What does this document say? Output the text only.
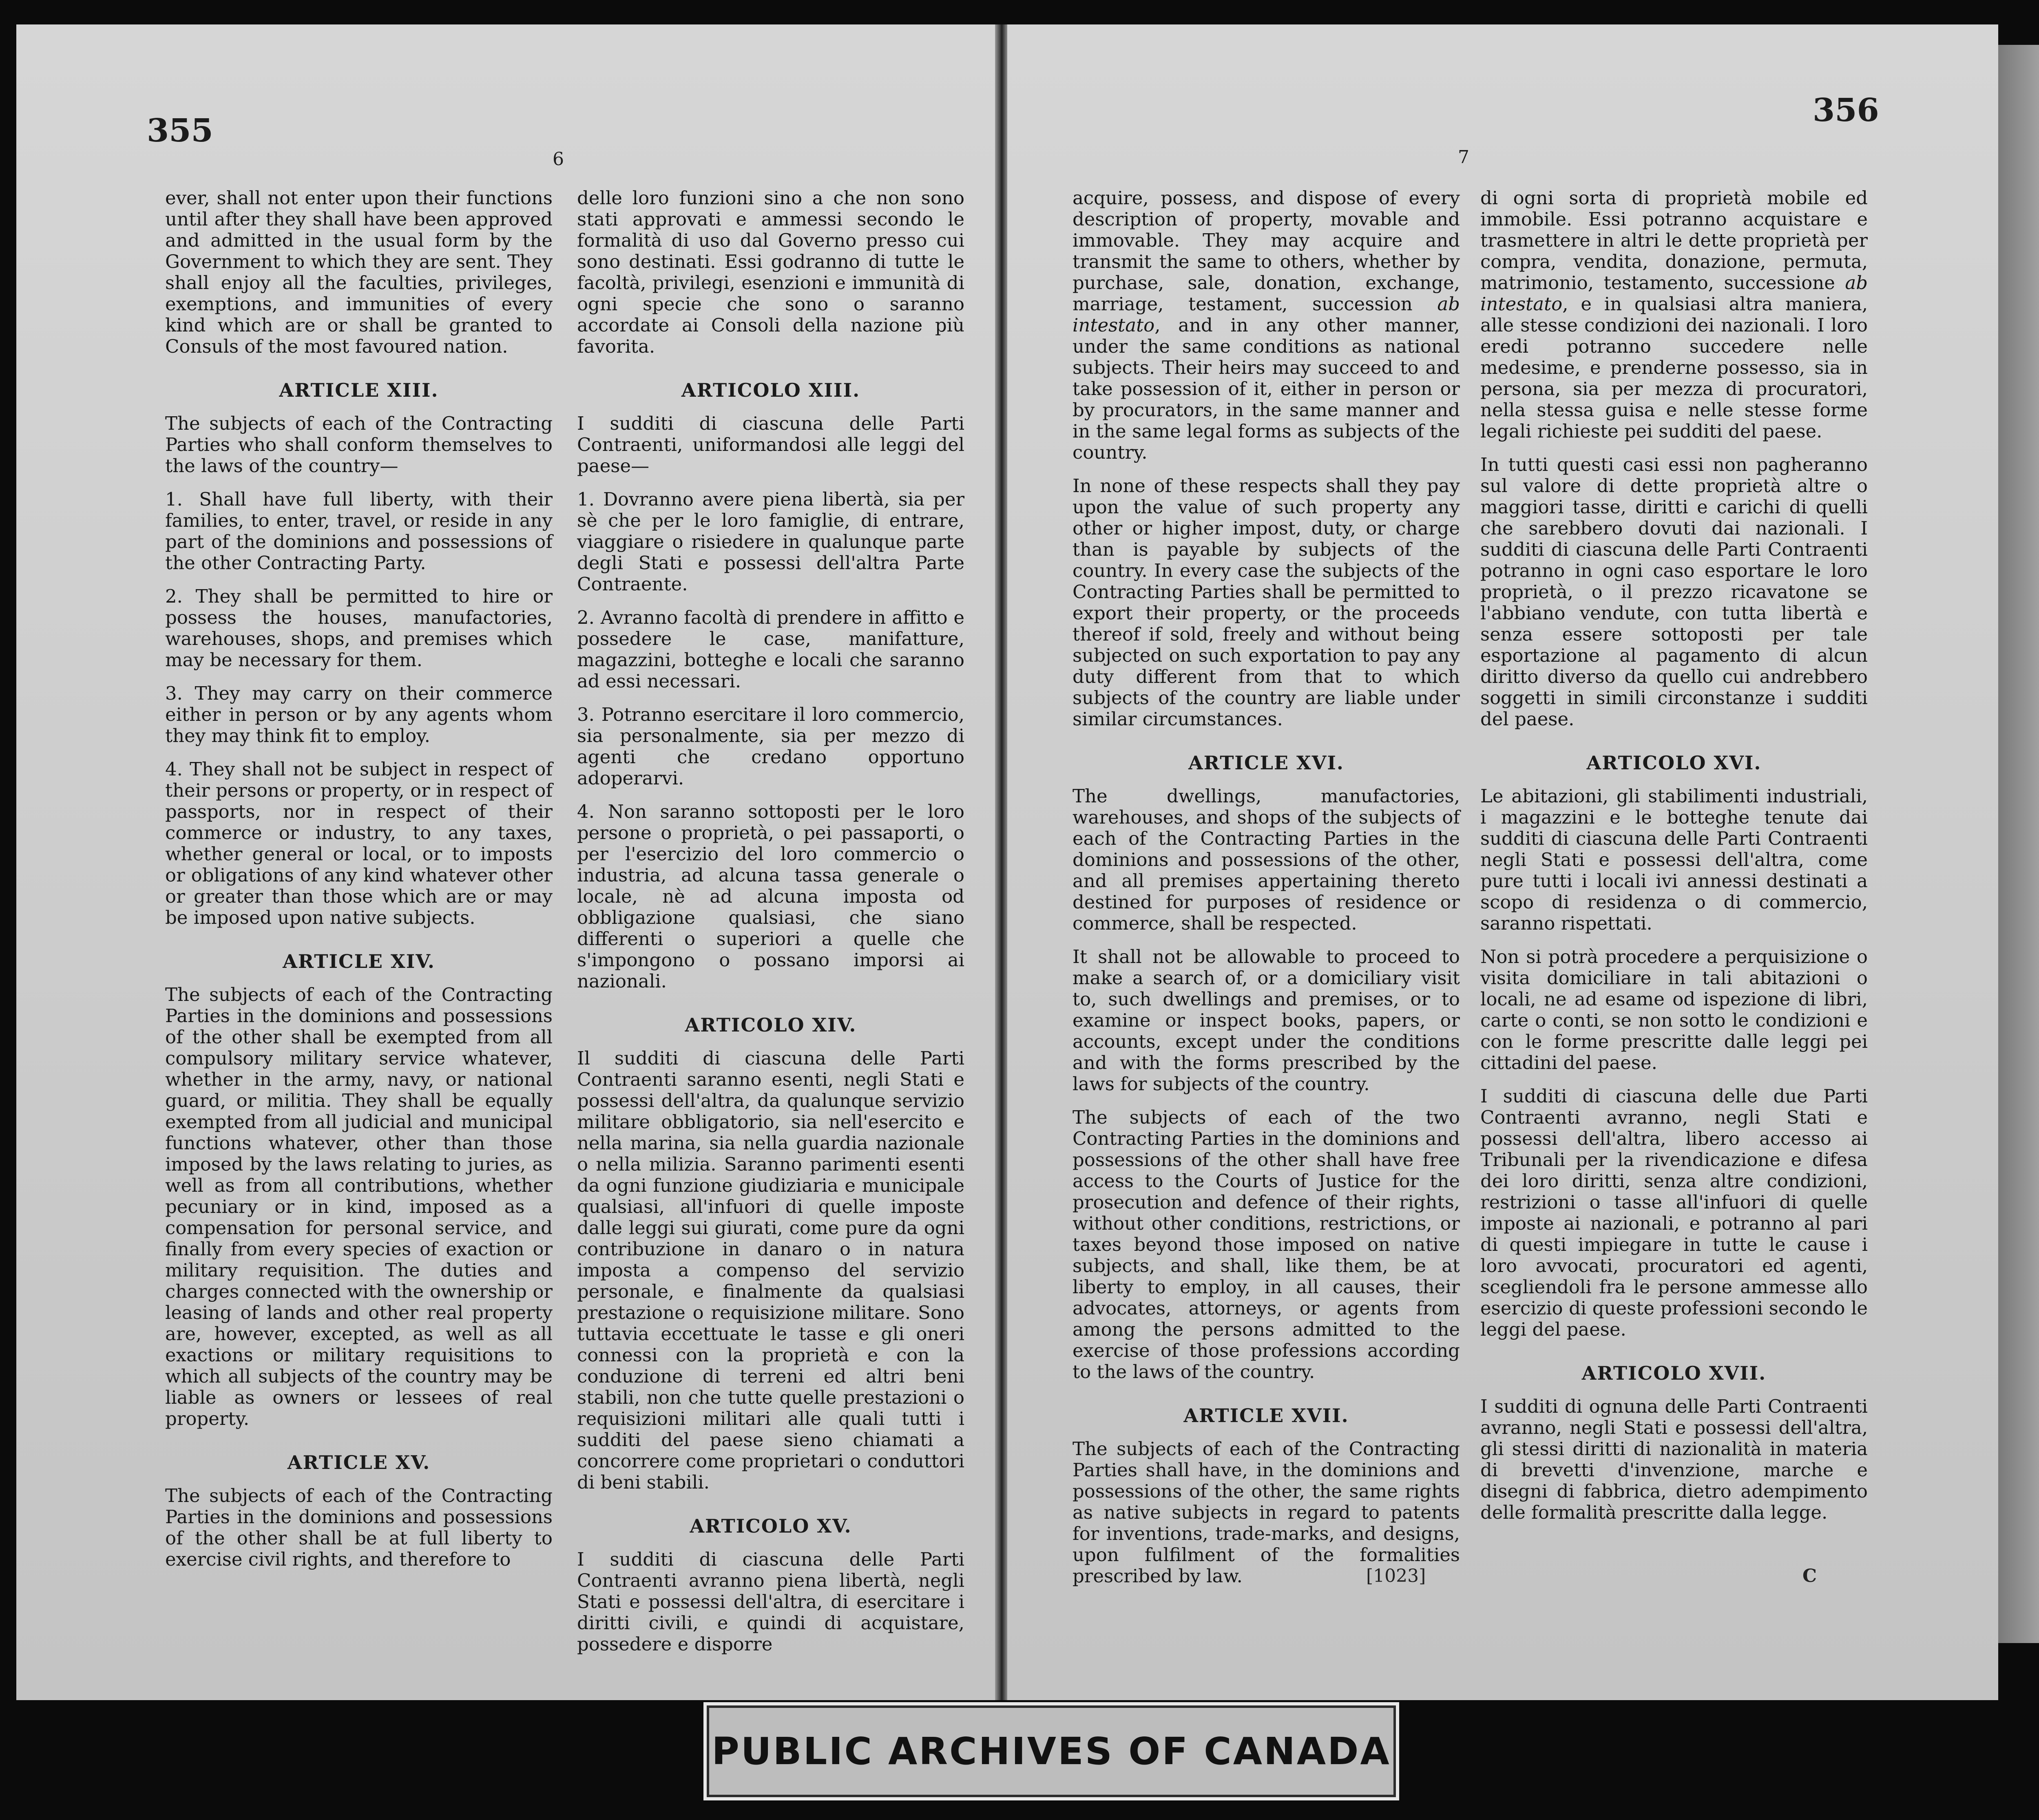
355
6

ever, shall not enter upon their functions until after they shall have been approved and admitted in the usual form by the Government to which they are sent. They shall enjoy all the faculties, privileges, exemptions, and immunities of every kind which are or shall be granted to Consuls of the most favoured nation.

ARTICLE XIII.

The subjects of each of the Contracting Parties who shall conform themselves to the laws of the country—

1. Shall have full liberty, with their families, to enter, travel, or reside in any part of the dominions and possessions of the other Contracting Party.

2. They shall be permitted to hire or possess the houses, manufactories, warehouses, shops, and premises which may be necessary for them.

3. They may carry on their commerce either in person or by any agents whom they may think fit to employ.

4. They shall not be subject in respect of their persons or property, or in respect of passports, nor in respect of their commerce or industry, to any taxes, whether general or local, or to imposts or obligations of any kind whatever other or greater than those which are or may be imposed upon native subjects.

ARTICLE XIV.

The subjects of each of the Contracting Parties in the dominions and possessions of the other shall be exempted from all compulsory military service whatever, whether in the army, navy, or national guard, or militia. They shall be equally exempted from all judicial and municipal functions whatever, other than those imposed by the laws relating to juries, as well as from all contributions, whether pecuniary or in kind, imposed as a compensation for personal service, and finally from every species of exaction or military requisition. The duties and charges connected with the ownership or leasing of lands and other real property are, however, excepted, as well as all exactions or military requisitions to which all subjects of the country may be liable as owners or lessees of real property.

ARTICLE XV.

The subjects of each of the Contracting Parties in the dominions and possessions of the other shall be at full liberty to exercise civil rights, and therefore to

delle loro funzioni sino a che non sono stati approvati e ammessi secondo le formalità di uso dal Governo presso cui sono destinati. Essi godranno di tutte le facoltà, privilegi, esenzioni e immunità di ogni specie che sono o saranno accordate ai Consoli della nazione più favorita.

ARTICOLO XIII.

I sudditi di ciascuna delle Parti Contraenti, uniformandosi alle leggi del paese—

1. Dovranno avere piena libertà, sia per sè che per le loro famiglie, di entrare, viaggiare o risiedere in qualunque parte degli Stati e possessi dell'altra Parte Contraente.

2. Avranno facoltà di prendere in affitto e possedere le case, manifatture, magazzini, botteghe e locali che saranno ad essi necessari.

3. Potranno esercitare il loro commercio, sia personalmente, sia per mezzo di agenti che credano opportuno adoperarvi.

4. Non saranno sottoposti per le loro persone o proprietà, o pei passaporti, o per l'esercizio del loro commercio o industria, ad alcuna tassa generale o locale, nè ad alcuna imposta od obbligazione qualsiasi, che siano differenti o superiori a quelle che s'impongono o possano imporsi ai nazionali.

ARTICOLO XIV.

Il sudditi di ciascuna delle Parti Contraenti saranno esenti, negli Stati e possessi dell'altra, da qualunque servizio militare obbligatorio, sia nell'esercito e nella marina, sia nella guardia nazionale o nella milizia. Saranno parimenti esenti da ogni funzione giudiziaria e municipale qualsiasi, all'infuori di quelle imposte dalle leggi sui giurati, come pure da ogni contribuzione in danaro o in natura imposta a compenso del servizio personale, e finalmente da qualsiasi prestazione o requisizione militare. Sono tuttavia eccettuate le tasse e gli oneri connessi con la proprietà e con la conduzione di terreni ed altri beni stabili, non che tutte quelle prestazioni o requisizioni militari alle quali tutti i sudditi del paese sieno chiamati a concorrere come proprietari o conduttori di beni stabili.

ARTICOLO XV.

I sudditi di ciascuna delle Parti Contraenti avranno piena libertà, negli Stati e possessi dell'altra, di esercitare i diritti civili, e quindi di acquistare, possedere e disporre

356
7

acquire, possess, and dispose of every description of property, movable and immovable. They may acquire and transmit the same to others, whether by purchase, sale, donation, exchange, marriage, testament, succession ab intestato, and in any other manner, under the same conditions as national subjects. Their heirs may succeed to and take possession of it, either in person or by procurators, in the same manner and in the same legal forms as subjects of the country.

In none of these respects shall they pay upon the value of such property any other or higher impost, duty, or charge than is payable by subjects of the country. In every case the subjects of the Contracting Parties shall be permitted to export their property, or the proceeds thereof if sold, freely and without being subjected on such exportation to pay any duty different from that to which subjects of the country are liable under similar circumstances.

ARTICLE XVI.

The dwellings, manufactories, warehouses, and shops of the subjects of each of the Contracting Parties in the dominions and possessions of the other, and all premises appertaining thereto destined for purposes of residence or commerce, shall be respected.

It shall not be allowable to proceed to make a search of, or a domiciliary visit to, such dwellings and premises, or to examine or inspect books, papers, or accounts, except under the conditions and with the forms prescribed by the laws for subjects of the country.

The subjects of each of the two Contracting Parties in the dominions and possessions of the other shall have free access to the Courts of Justice for the prosecution and defence of their rights, without other conditions, restrictions, or taxes beyond those imposed on native subjects, and shall, like them, be at liberty to employ, in all causes, their advocates, attorneys, or agents from among the persons admitted to the exercise of those professions according to the laws of the country.

ARTICLE XVII.

The subjects of each of the Contracting Parties shall have, in the dominions and possessions of the other, the same rights as native subjects in regard to patents for inventions, trade-marks, and designs, upon fulfilment of the formalities prescribed by law.

di ogni sorta di proprietà mobile ed immobile. Essi potranno acquistare e trasmettere in altri le dette proprietà per compra, vendita, donazione, permuta, matrimonio, testamento, successione ab intestato, e in qualsiasi altra maniera, alle stesse condizioni dei nazionali. I loro eredi potranno succedere nelle medesime, e prenderne possesso, sia in persona, sia per mezza di procuratori, nella stessa guisa e nelle stesse forme legali richieste pei sudditi del paese.

In tutti questi casi essi non pagheranno sul valore di dette proprietà altre o maggiori tasse, diritti e carichi di quelli che sarebbero dovuti dai nazionali. I sudditi di ciascuna delle Parti Contraenti potranno in ogni caso esportare le loro proprietà, o il prezzo ricavatone se l'abbiano vendute, con tutta libertà e senza essere sottoposti per tale esportazione al pagamento di alcun diritto diverso da quello cui andrebbero soggetti in simili circonstanze i sudditi del paese.

ARTICOLO XVI.

Le abitazioni, gli stabilimenti industriali, i magazzini e le botteghe tenute dai sudditi di ciascuna delle Parti Contraenti negli Stati e possessi dell'altra, come pure tutti i locali ivi annessi destinati a scopo di residenza o di commercio, saranno rispettati.

Non si potrà procedere a perquisizione o visita domiciliare in tali abitazioni o locali, ne ad esame od ispezione di libri, carte o conti, se non sotto le condizioni e con le forme prescritte dalle leggi pei cittadini del paese.

I sudditi di ciascuna delle due Parti Contraenti avranno, negli Stati e possessi dell'altra, libero accesso ai Tribunali per la rivendicazione e difesa dei loro diritti, senza altre condizioni, restrizioni o tasse all'infuori di quelle imposte ai nazionali, e potranno al pari di questi impiegare in tutte le cause i loro avvocati, procuratori ed agenti, scegliendoli fra le persone ammesse allo esercizio di queste professioni secondo le leggi del paese.

ARTICOLO XVII.

I sudditi di ognuna delle Parti Contraenti avranno, negli Stati e possessi dell'altra, gli stessi diritti di nazionalità in materia di brevetti d'invenzione, marche e disegni di fabbrica, dietro adempimento delle formalità prescritte dalla legge.

[1023]	C
PUBLIC ARCHIVES OF CANADA
